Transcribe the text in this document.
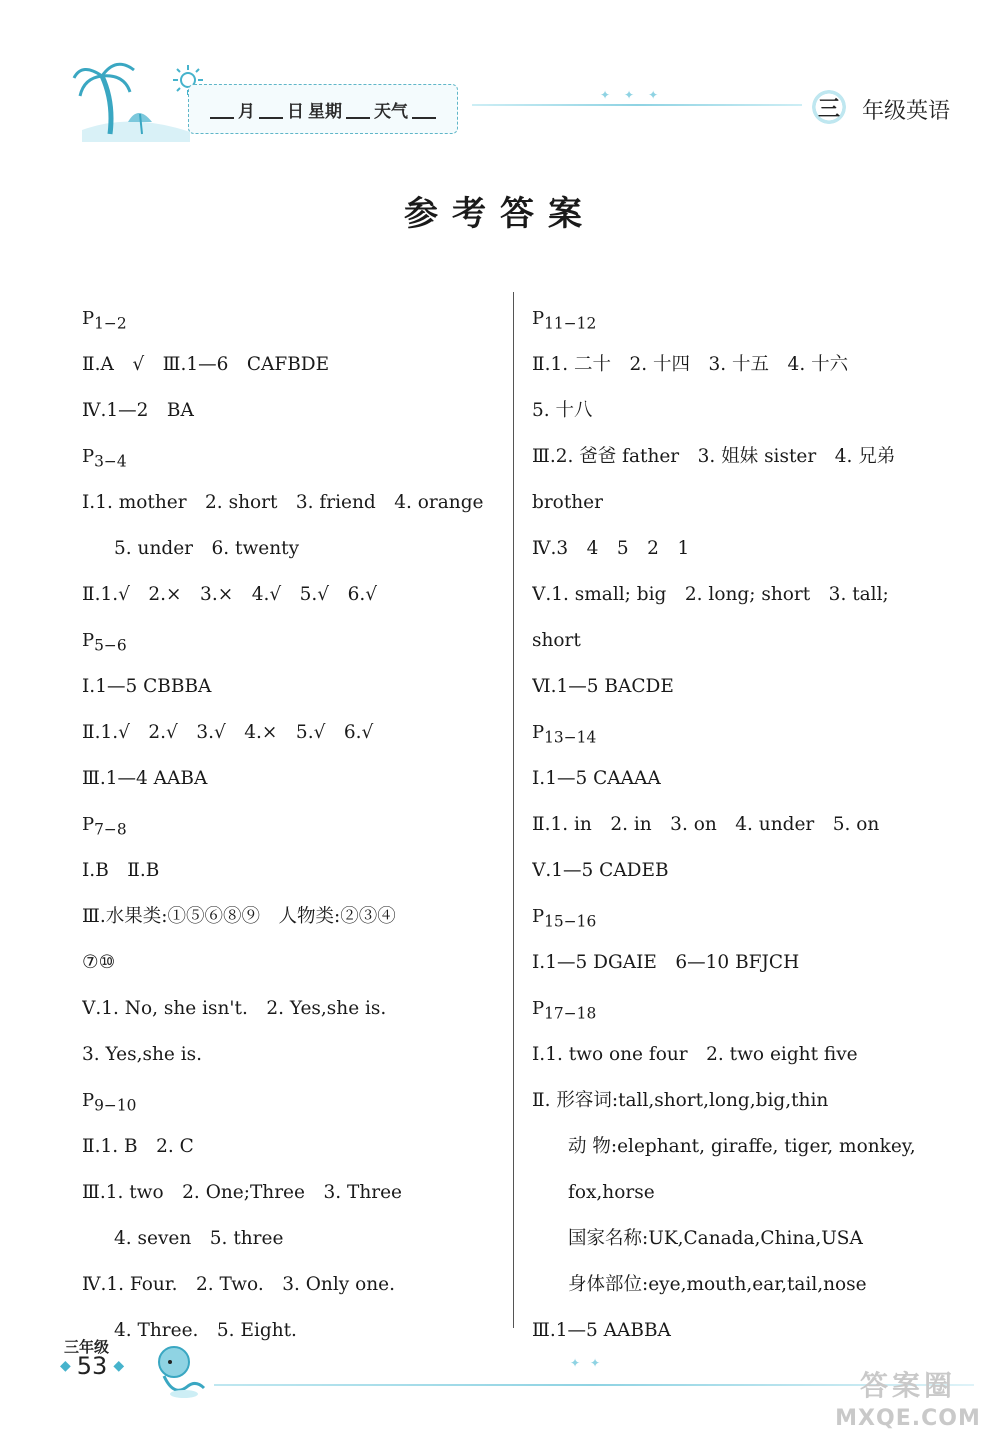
月 日 星期 天气
✦✦✦
三 年级英语
参考答案
$P_{1-2}$
Ⅱ.A　√　Ⅲ.1—6　CAFBDE
Ⅳ.1—2　BA
$P_{3-4}$
Ⅰ.1. mother　2. short　3. friend　4. orange
5. under　6. twenty
Ⅱ.1.√　2.×　3.×　4.√　5.√　6.√
$P_{5-6}$
Ⅰ.1—5 CBBBA
Ⅱ.1.√　2.√　3.√　4.×　5.√　6.√
Ⅲ.1—4 AABA
$P_{7-8}$
Ⅰ.B　Ⅱ.B
Ⅲ.水果类:①⑤⑥⑧⑨　人物类:②③④
⑦⑩
Ⅴ.1. No, she isn't.　2. Yes,she is.
3. Yes,she is.
$P_{9-10}$
Ⅱ.1. B　2. C
Ⅲ.1. two　2. One;Three　3. Three
4. seven　5. three
Ⅳ.1. Four.　2. Two.　3. Only one.
4. Three.　5. Eight.
$P_{11-12}$
Ⅱ.1. 二十　2. 十四　3. 十五　4. 十六
5. 十八
Ⅲ.2. 爸爸 father　3. 姐妹 sister　4. 兄弟
brother
Ⅳ.3　4　5　2　1
Ⅴ.1. small; big　2. long; short　3. tall;
short
Ⅵ.1—5 BACDE
$P_{13-14}$
Ⅰ.1—5 CAAAA
Ⅱ.1. in　2. in　3. on　4. under　5. on
Ⅴ.1—5 CADEB
$P_{15-16}$
Ⅰ.1—5 DGAIE　6—10 BFJCH
$P_{17-18}$
Ⅰ.1. two one four　2. two eight five
Ⅱ. 形容词:tall,short,long,big,thin
动 物:elephant, giraffe, tiger, monkey,
fox,horse
国家名称:UK,Canada,China,USA
身体部位:eye,mouth,ear,tail,nose
Ⅲ.1—5 AABBA
三年级
◆ 53 ◆	✦✦
答案圈
MXQE.COM
